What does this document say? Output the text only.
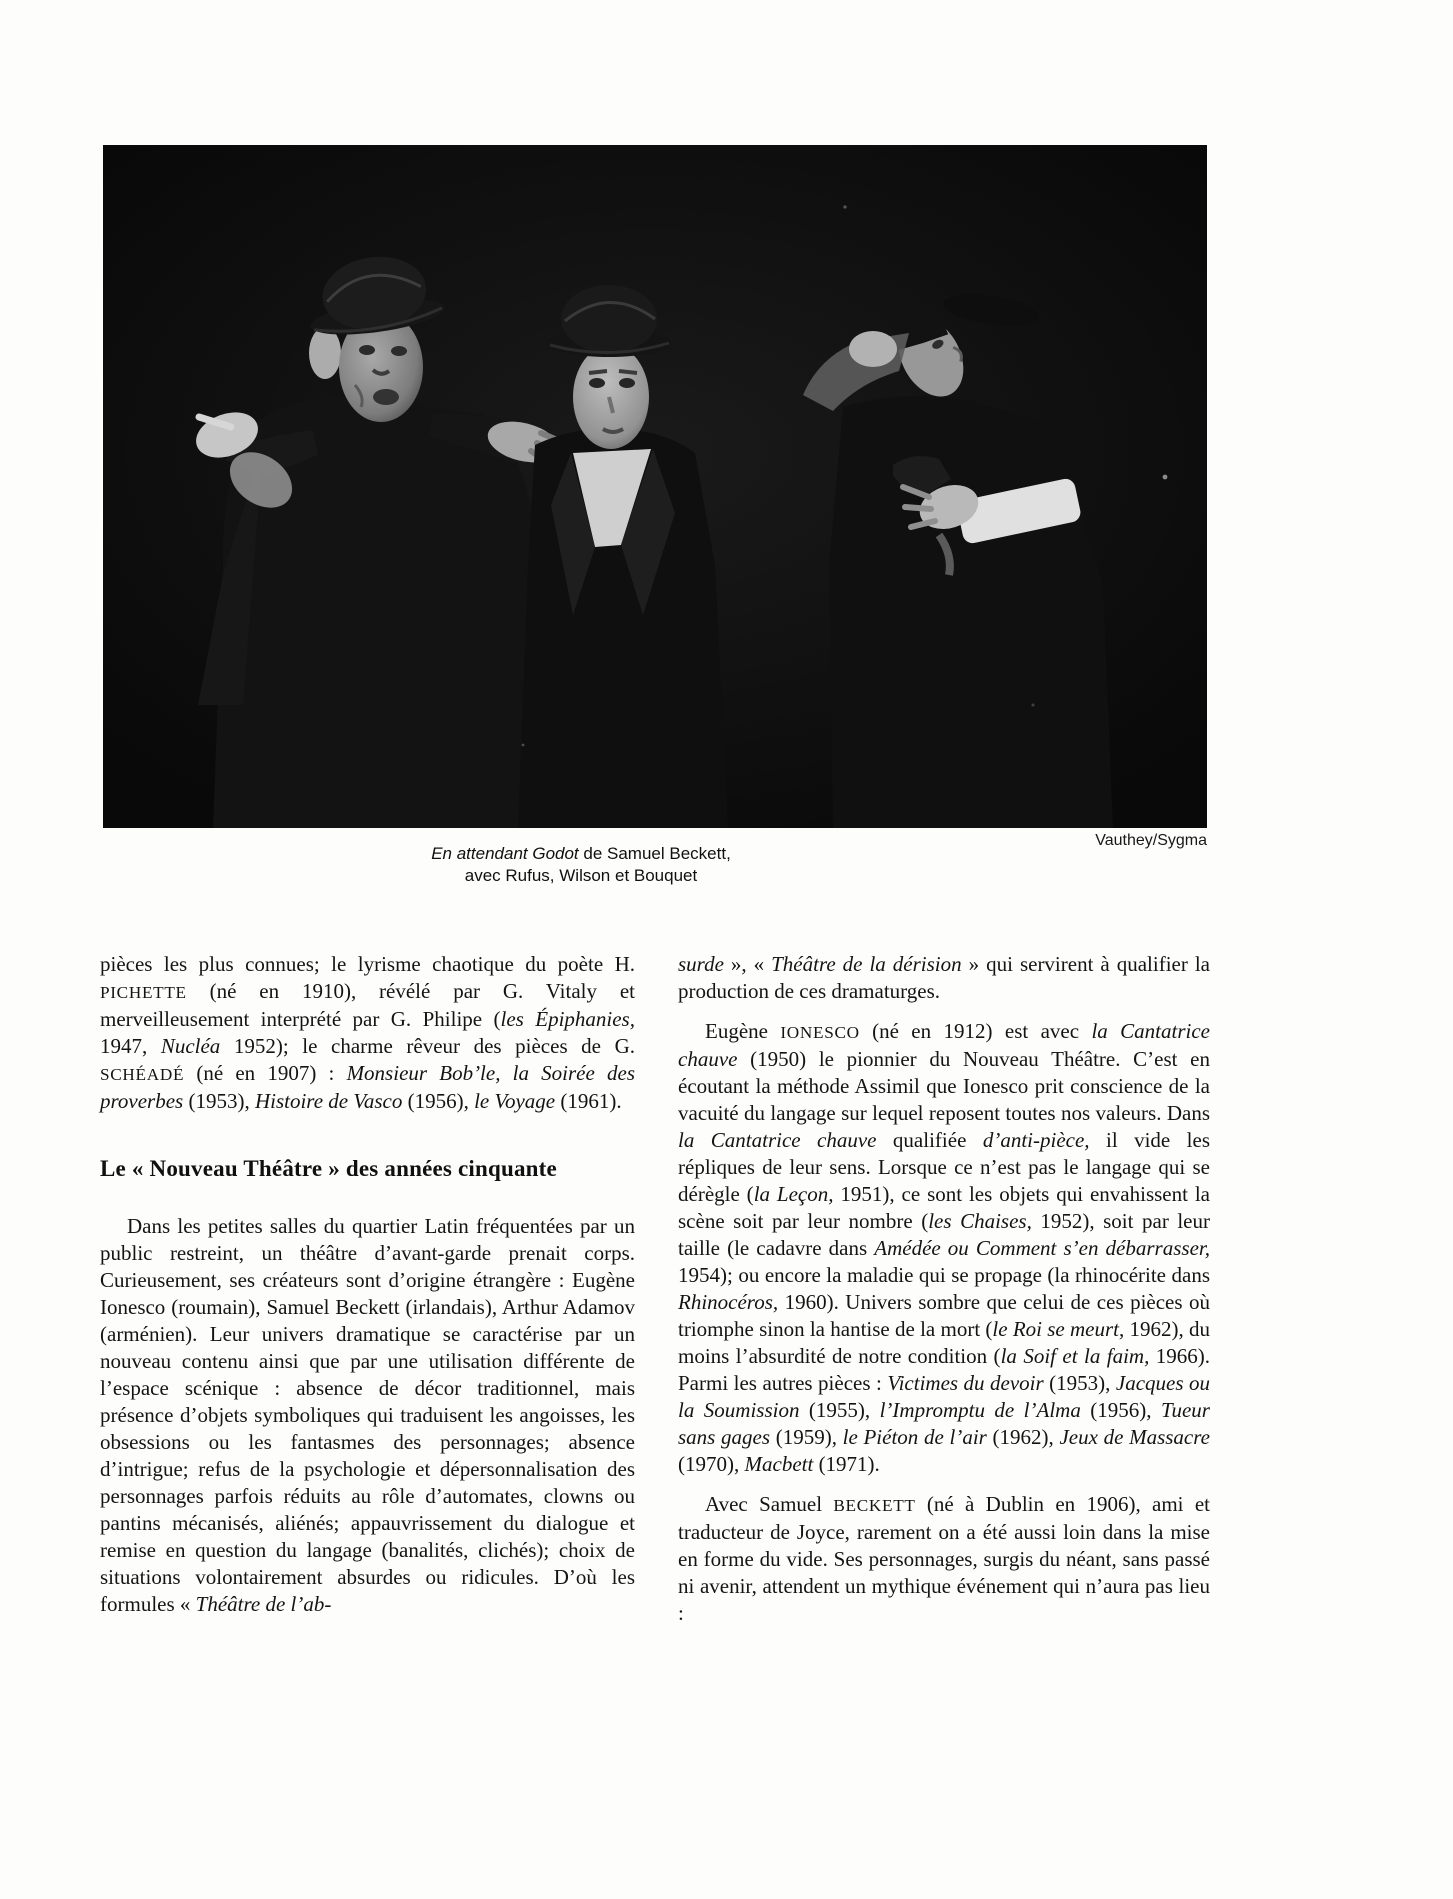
Vauthey/Sygma
En attendant Godot de Samuel Beckett,
avec Rufus, Wilson et Bouquet

pièces les plus connues; le lyrisme chaotique du poète H. PICHETTE (né en 1910), révélé par G. Vitaly et merveilleusement interprété par G. Philipe (les Épiphanies, 1947, Nucléa 1952); le charme rêveur des pièces de G. SCHÉADÉ (né en 1907) : Monsieur Bob’le, la Soirée des proverbes (1953), Histoire de Vasco (1956), le Voyage (1961).

Le « Nouveau Théâtre » des années cinquante

Dans les petites salles du quartier Latin fréquentées par un public restreint, un théâtre d’avant-garde prenait corps. Curieusement, ses créateurs sont d’origine étrangère : Eugène Ionesco (roumain), Samuel Beckett (irlandais), Arthur Adamov (arménien). Leur univers dramatique se caractérise par un nouveau contenu ainsi que par une utilisation différente de l’espace scénique : absence de décor traditionnel, mais présence d’objets symboliques qui traduisent les angoisses, les obsessions ou les fantasmes des personnages; absence d’intrigue; refus de la psychologie et dépersonnalisation des personnages parfois réduits au rôle d’automates, clowns ou pantins mécanisés, aliénés; appauvrissement du dialogue et remise en question du langage (banalités, clichés); choix de situations volontairement absurdes ou ridicules. D’où les formules « Théâtre de l’ab-

surde », « Théâtre de la dérision » qui servirent à qualifier la production de ces dramaturges.

Eugène IONESCO (né en 1912) est avec la Cantatrice chauve (1950) le pionnier du Nouveau Théâtre. C’est en écoutant la méthode Assimil que Ionesco prit conscience de la vacuité du langage sur lequel reposent toutes nos valeurs. Dans la Cantatrice chauve qualifiée d’anti-pièce, il vide les répliques de leur sens. Lorsque ce n’est pas le langage qui se dérègle (la Leçon, 1951), ce sont les objets qui envahissent la scène soit par leur nombre (les Chaises, 1952), soit par leur taille (le cadavre dans Amédée ou Comment s’en débarrasser, 1954); ou encore la maladie qui se propage (la rhinocérite dans Rhinocéros, 1960). Univers sombre que celui de ces pièces où triomphe sinon la hantise de la mort (le Roi se meurt, 1962), du moins l’absurdité de notre condition (la Soif et la faim, 1966). Parmi les autres pièces : Victimes du devoir (1953), Jacques ou la Soumission (1955), l’Impromptu de l’Alma (1956), Tueur sans gages (1959), le Piéton de l’air (1962), Jeux de Massacre (1970), Macbett (1971).

Avec Samuel BECKETT (né à Dublin en 1906), ami et traducteur de Joyce, rarement on a été aussi loin dans la mise en forme du vide. Ses personnages, surgis du néant, sans passé ni avenir, attendent un mythique événement qui n’aura pas lieu :
